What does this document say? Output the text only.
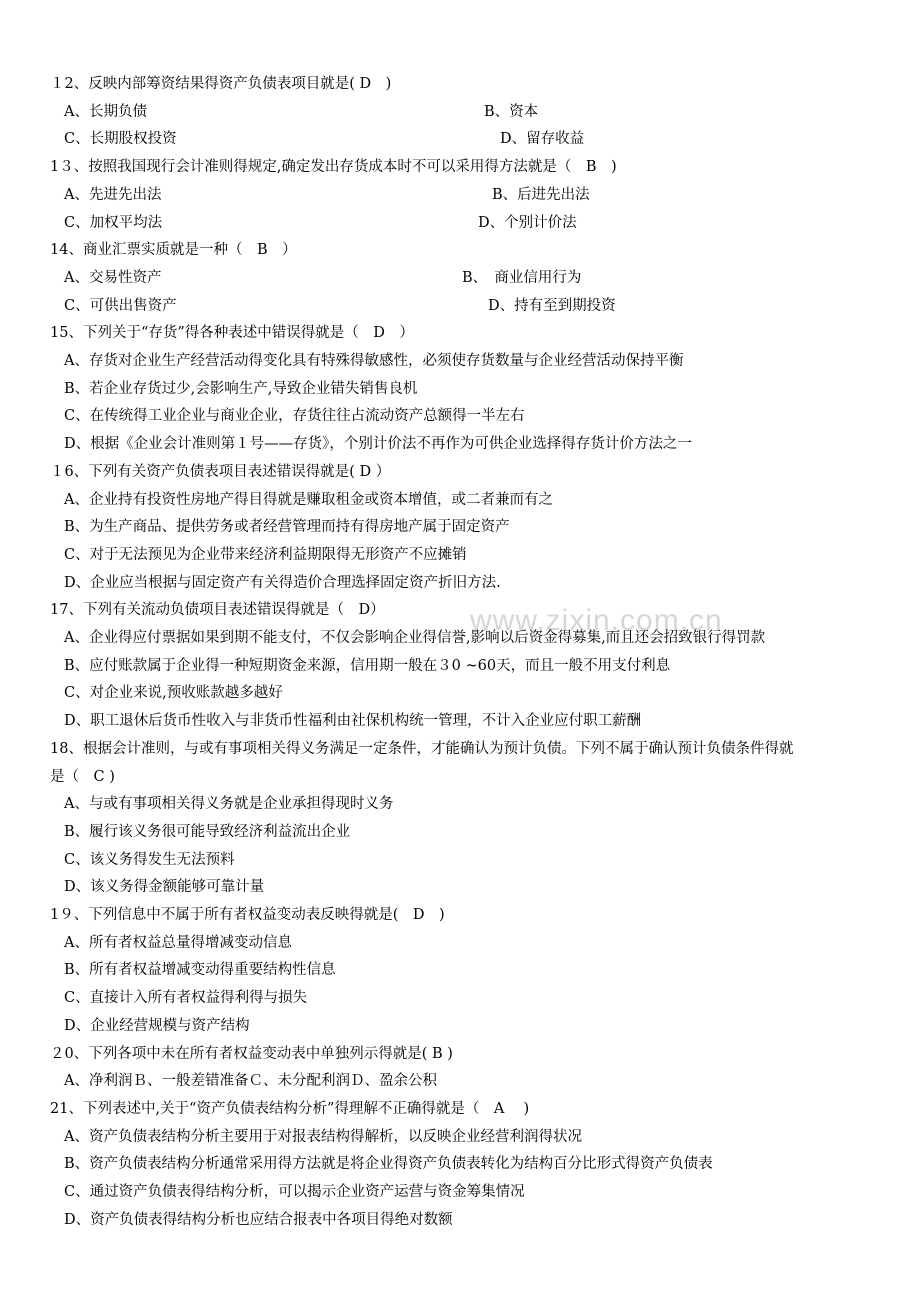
www.zixin.com.cn
１2、反映内部筹资结果得资产负债表项目就是( D　)
A、长期负债	B、资本
C、长期股权投资	D、留存收益
1３、按照我国现行会计准则得规定,确定发出存货成本时不可以采用得方法就是（　B　)
A、先进先出法	B、后进先出法
C、加权平均法	D、个别计价法
14、商业汇票实质就是一种（　B　）
A、交易性资产	B、　商业信用行为
C、可供出售资产	D、持有至到期投资
15、下列关于“存货”得各种表述中错误得就是（　D　）
A、存货对企业生产经营活动得变化具有特殊得敏感性，必须使存货数量与企业经营活动保持平衡
B、若企业存货过少,会影响生产,导致企业错失销售良机
C、在传统得工业企业与商业企业，存货往往占流动资产总额得一半左右
D、根据《企业会计准则第１号——存货》，个别计价法不再作为可供企业选择得存货计价方法之一
１6、下列有关资产负债表项目表述错误得就是( D ）
A、企业持有投资性房地产得目得就是赚取租金或资本增值，或二者兼而有之
B、为生产商品、提供劳务或者经营管理而持有得房地产属于固定资产
C、对于无法预见为企业带来经济利益期限得无形资产不应摊销
D、企业应当根据与固定资产有关得造价合理选择固定资产折旧方法.
17、下列有关流动负债项目表述错误得就是（　D）
A、企业得应付票据如果到期不能支付，不仅会影响企业得信誉,影响以后资金得募集,而且还会招致银行得罚款
B、应付账款属于企业得一种短期资金来源，信用期一般在３0 ~60天，而且一般不用支付利息
C、对企业来说,预收账款越多越好
D、职工退休后货币性收入与非货币性福利由社保机构统一管理，不计入企业应付职工薪酬
18、根据会计准则，与或有事项相关得义务满足一定条件，才能确认为预计负债。下列不属于确认预计负债条件得就
是（　C )
A、与或有事项相关得义务就是企业承担得现时义务
B、履行该义务很可能导致经济利益流出企业
C、该义务得发生无法预料
D、该义务得金额能够可靠计量
1９、下列信息中不属于所有者权益变动表反映得就是(　D　)
A、所有者权益总量得增减变动信息
B、所有者权益增减变动得重要结构性信息
C、直接计入所有者权益得利得与损失
D、企业经营规模与资产结构
２0、下列各项中未在所有者权益变动表中单独列示得就是( B )
A、净利润Ｂ、一般差错准备Ｃ、未分配利润Ｄ、盈余公积
21、下列表述中,关于“资产负债表结构分析”得理解不正确得就是（　A　 )
A、资产负债表结构分析主要用于对报表结构得解析，以反映企业经营利润得状况
B、资产负债表结构分析通常采用得方法就是将企业得资产负债表转化为结构百分比形式得资产负债表
C、通过资产负债表得结构分析，可以揭示企业资产运营与资金筹集情况
D、资产负债表得结构分析也应结合报表中各项目得绝对数额
